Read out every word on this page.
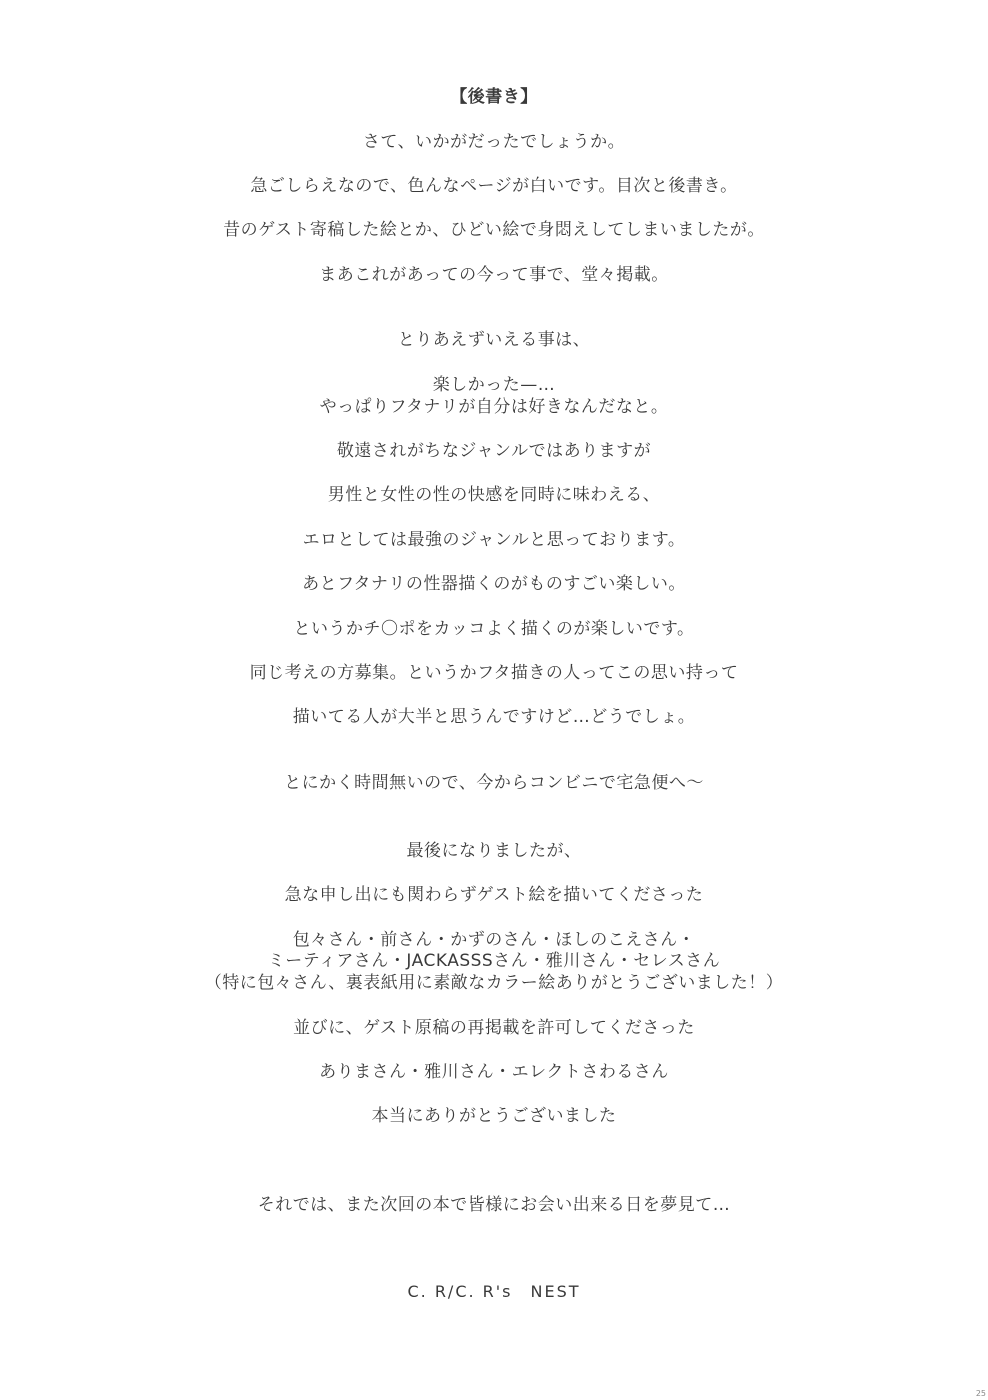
【後書き】
さて、いかがだったでしょうか。
急ごしらえなので、色んなページが白いです。目次と後書き。
昔のゲスト寄稿した絵とか、ひどい絵で身悶えしてしまいましたが。
まあこれがあっての今って事で、堂々掲載。
とりあえずいえる事は、
楽しかった—…
やっぱりフタナリが自分は好きなんだなと。
敬遠されがちなジャンルではありますが
男性と女性の性の快感を同時に味わえる、
エロとしては最強のジャンルと思っております。
あとフタナリの性器描くのがものすごい楽しい。
というかチ〇ポをカッコよく描くのが楽しいです。
同じ考えの方募集。というかフタ描きの人ってこの思い持って
描いてる人が大半と思うんですけど…どうでしょ。
とにかく時間無いので、今からコンビニで宅急便へ～
最後になりましたが、
急な申し出にも関わらずゲスト絵を描いてくださった
包々さん・前さん・かずのさん・ほしのこえさん・
ミーティアさん・JACKASSSさん・雅川さん・セレスさん
（特に包々さん、裏表紙用に素敵なカラー絵ありがとうございました！）
並びに、ゲスト原稿の再掲載を許可してくださった
ありまさん・雅川さん・エレクトさわるさん
本当にありがとうございました
それでは、また次回の本で皆様にお会い出来る日を夢見て…
C. R/C. R's　NEST
25
